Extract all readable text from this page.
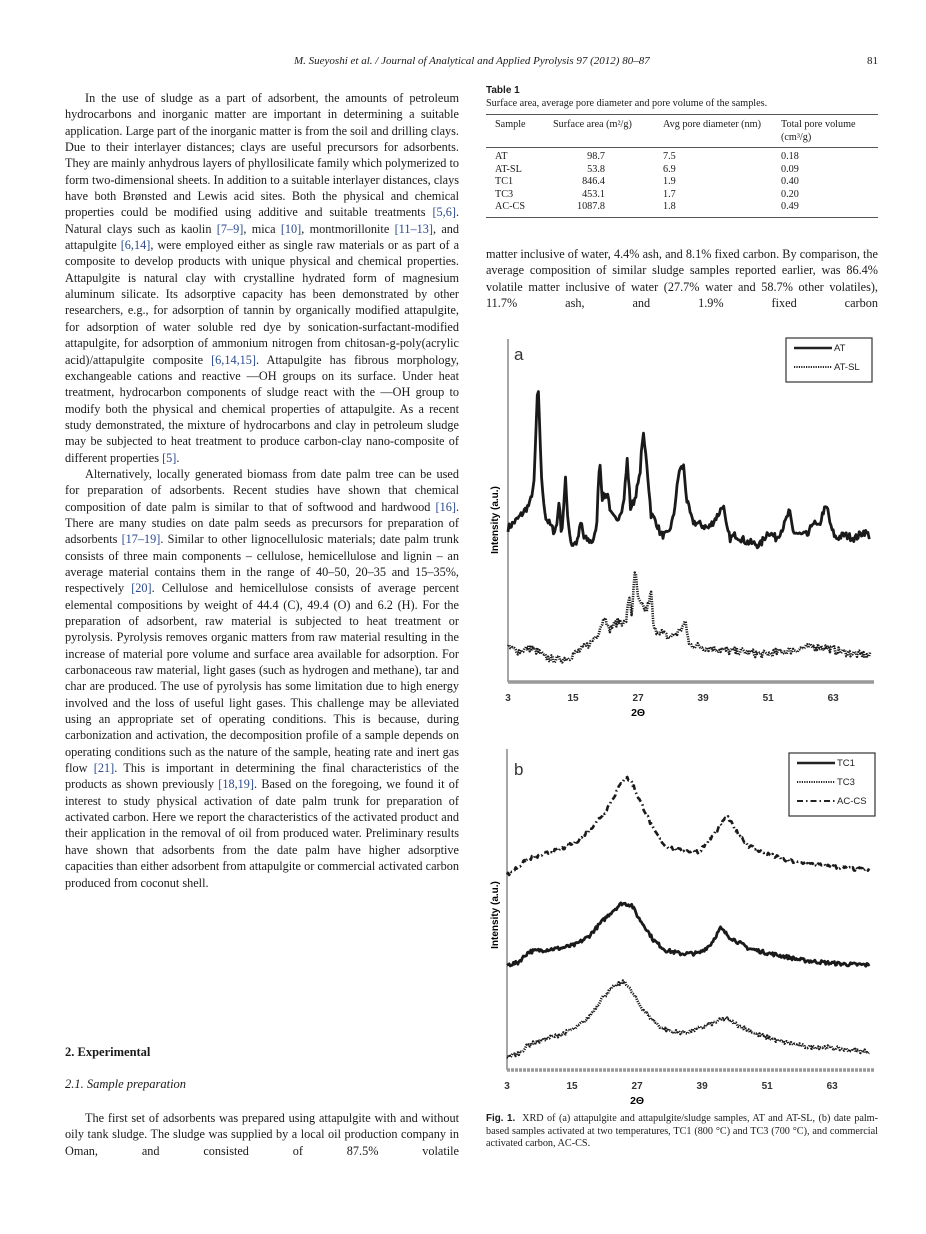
M. Sueyoshi et al. / Journal of Analytical and Applied Pyrolysis 97 (2012) 80–87	81

In the use of sludge as a part of adsorbent, the amounts of petroleum hydrocarbons and inorganic matter are important in determining a suitable application. Large part of the inorganic matter is from the soil and drilling clays. Due to their interlayer distances; clays are useful precursors for adsorbents. They are mainly anhydrous layers of phyllosilicate family which polymerized to form two-dimensional sheets. In addition to a suitable interlayer distances, clays have both Brønsted and Lewis acid sites. Both the physical and chemical properties could be modified using additive and suitable treatments [5,6]. Natural clays such as kaolin [7–9], mica [10], montmorillonite [11–13], and attapulgite [6,14], were employed either as single raw materials or as part of a composite to develop products with unique physical and chemical properties. Attapulgite is natural clay with crystalline hydrated form of magnesium aluminum silicate. Its adsorptive capacity has been demonstrated by other researchers, e.g., for adsorption of tannin by organically modified attapulgite, for adsorption of water soluble red dye by sonication-surfactant-modified attapulgite, for adsorption of ammonium nitrogen from chitosan-g-poly(acrylic acid)/attapulgite composite [6,14,15]. Attapulgite has fibrous morphology, exchangeable cations and reactive —OH groups on its surface. Under heat treatment, hydrocarbon components of sludge react with the —OH group to modify both the physical and chemical properties of attapulgite. As a recent study demonstrated, the mixture of hydrocarbons and clay in petroleum sludge may be subjected to heat treatment to produce carbon-clay nano-composite of different properties [5].

Alternatively, locally generated biomass from date palm tree can be used for preparation of adsorbents. Recent studies have shown that chemical composition of date palm is similar to that of softwood and hardwood [16]. There are many studies on date palm seeds as precursors for preparation of adsorbents [17–19]. Similar to other lignocellulosic materials; date palm trunk consists of three main components – cellulose, hemicellulose and lignin – an average material contains them in the range of 40–50, 20–35 and 15–35%, respectively [20]. Cellulose and hemicellulose consists of average percent elemental compositions by weight of 44.4 (C), 49.4 (O) and 6.2 (H). For the preparation of adsorbent, raw material is subjected to heat treatment or pyrolysis. Pyrolysis removes organic matters from raw material resulting in the increase of material pore volume and surface area available for adsorption. For carbonaceous raw material, light gases (such as hydrogen and methane), tar and char are produced. The use of pyrolysis has some limitation due to high energy involved and the loss of useful light gases. This challenge may be alleviated using an appropriate set of operating conditions. This is because, during carbonization and activation, the decomposition profile of a sample depends on operating conditions such as the nature of the sample, heating rate and inert gas flow [21]. This is important in determining the final characteristics of the products as shown previously [18,19]. Based on the foregoing, we found it of interest to study physical activation of date palm trunk for preparation of activated carbon. Here we report the characteristics of the activated product and their application in the removal of oil from produced water. Preliminary results have shown that adsorbents from the date palm have higher adsorptive capacities than either adsorbent from attapulgite or commercial activated carbon produced from coconut shell.

2. Experimental
2.1. Sample preparation

The first set of adsorbents was prepared using attapulgite with and without oily tank sludge. The sludge was supplied by a local oil production company in Oman, and consisted of 87.5% volatile

Table 1
Surface area, average pore diameter and pore volume of the samples.
Sample	Surface area (m²/g)	Avg pore diameter (nm)	Total pore volume (cm³/g)
AT	98.7	7.5	0.18
AT-SL	53.8	6.9	0.09
TC1	846.4	1.9	0.40
TC3	453.1	1.7	0.20
AC-CS	1087.8	1.8	0.49

matter inclusive of water, 4.4% ash, and 8.1% fixed carbon. By comparison, the average composition of similar sludge samples reported earlier, was 86.4% volatile matter inclusive of water (27.7% water and 58.7% other volatiles), 11.7% ash, and 1.9% fixed carbon

3	15	27	39	51	63
2Θ
Intensity (a.u.)
a	AT
AT-SL
3	15	27	39	51	63
2Θ
Intensity (a.u.)
b	TC1
TC3
AC-CS
Fig. 1. XRD of (a) attapulgite and attapulgite/sludge samples, AT and AT-SL, (b) date palm-based samples activated at two temperatures, TC1 (800 °C) and TC3 (700 °C), and commercial activated carbon, AC-CS.
